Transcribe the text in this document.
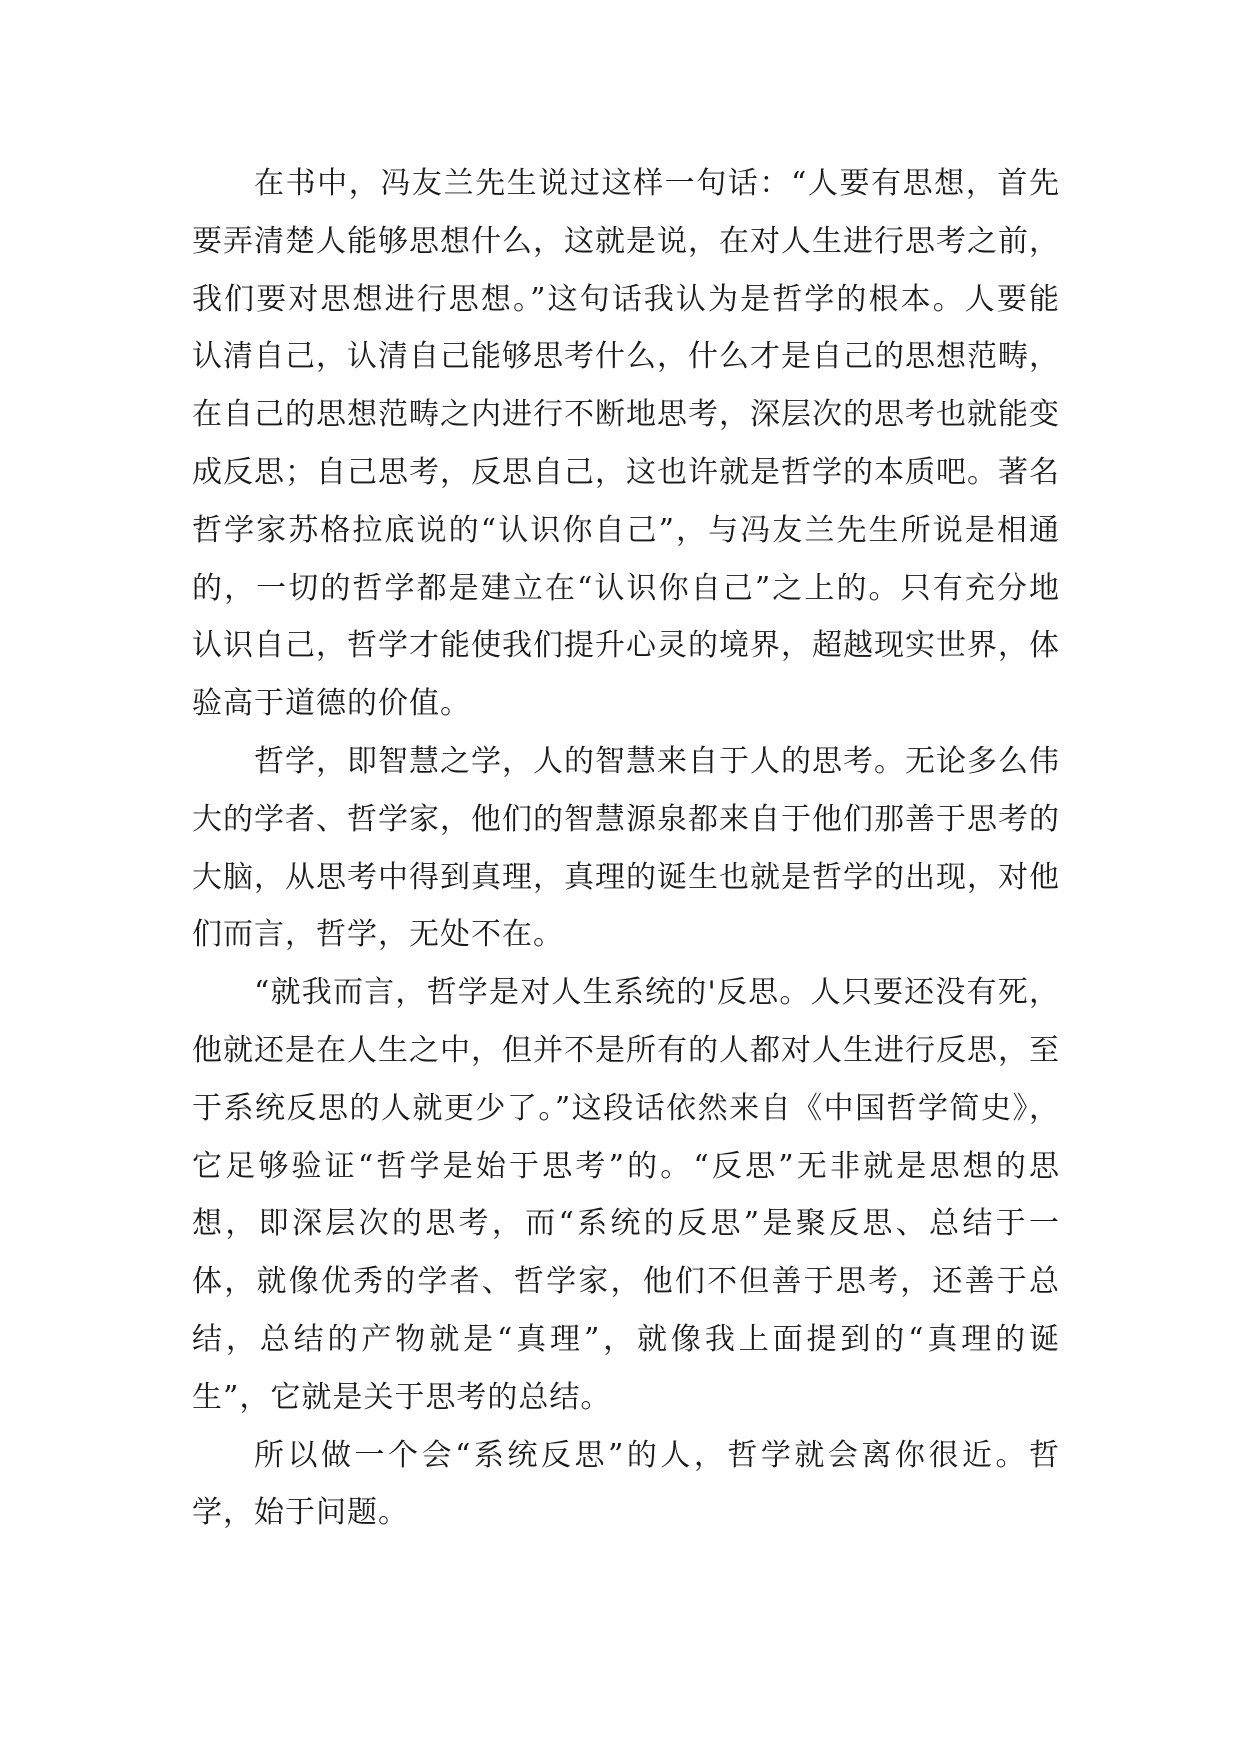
在书中，冯友兰先生说过这样一句话：“人要有思想，首先要弄清楚人能够思想什么，这就是说，在对人生进行思考之前，我们要对思想进行思想。”这句话我认为是哲学的根本。人要能认清自己，认清自己能够思考什么，什么才是自己的思想范畴，在自己的思想范畴之内进行不断地思考，深层次的思考也就能变成反思；自己思考，反思自己，这也许就是哲学的本质吧。著名哲学家苏格拉底说的“认识你自己”，与冯友兰先生所说是相通的，一切的哲学都是建立在“认识你自己”之上的。只有充分地认识自己，哲学才能使我们提升心灵的境界，超越现实世界，体验高于道德的价值。

哲学，即智慧之学，人的智慧来自于人的思考。无论多么伟大的学者、哲学家，他们的智慧源泉都来自于他们那善于思考的大脑，从思考中得到真理，真理的诞生也就是哲学的出现，对他们而言，哲学，无处不在。

“就我而言，哲学是对人生系统的'反思。人只要还没有死，他就还是在人生之中，但并不是所有的人都对人生进行反思，至于系统反思的人就更少了。”这段话依然来自《中国哲学简史》，它足够验证“哲学是始于思考”的。“反思”无非就是思想的思想，即深层次的思考，而“系统的反思”是聚反思、总结于一体，就像优秀的学者、哲学家，他们不但善于思考，还善于总结，总结的产物就是“真理”，就像我上面提到的“真理的诞生”，它就是关于思考的总结。

所以做一个会“系统反思”的人，哲学就会离你很近。哲学，始于问题。
